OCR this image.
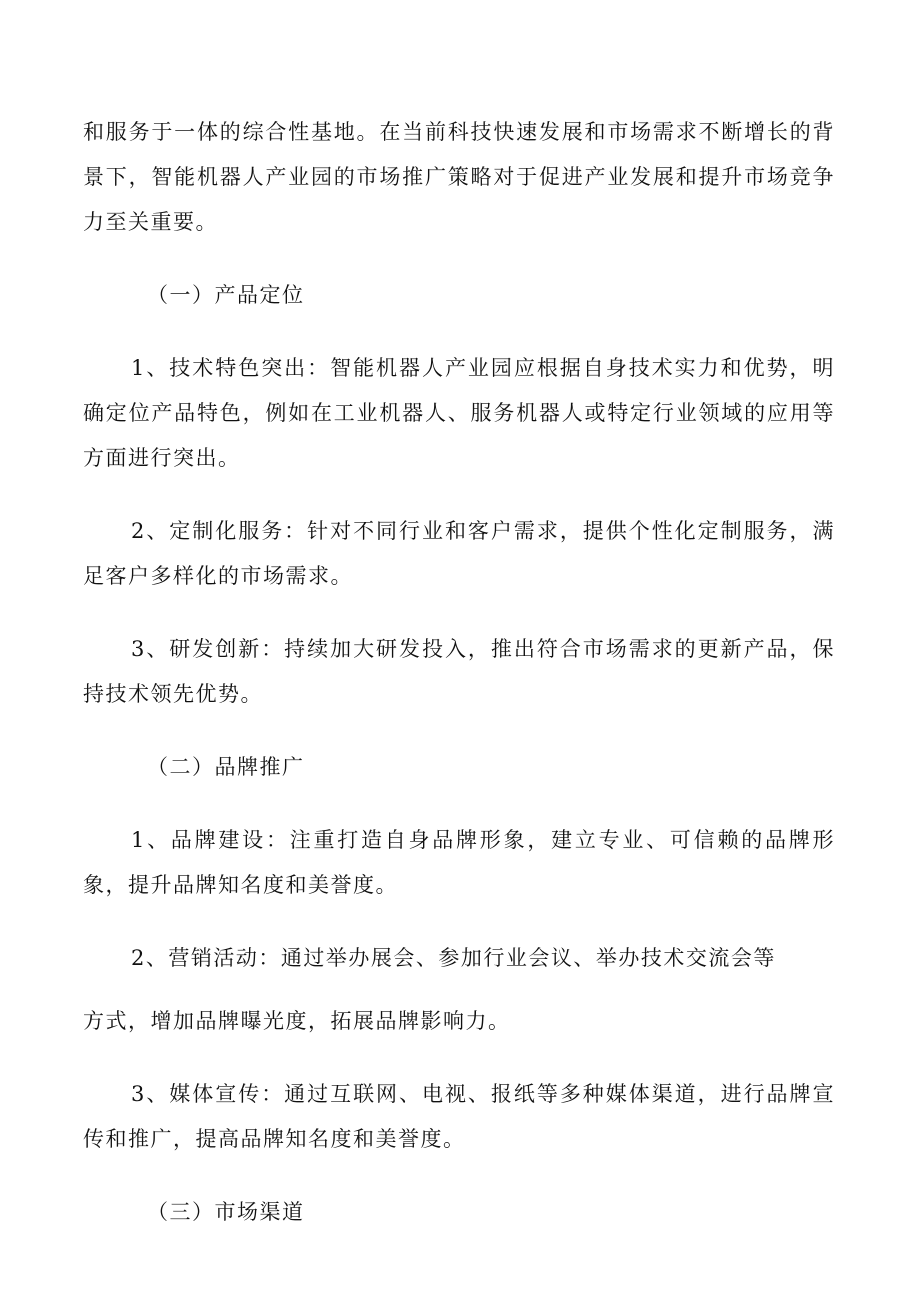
和服务于一体的综合性基地。在当前科技快速发展和市场需求不断增长的背景下，智能机器人产业园的市场推广策略对于促进产业发展和提升市场竞争力至关重要。

（一）产品定位

1、技术特色突出：智能机器人产业园应根据自身技术实力和优势，明确定位产品特色，例如在工业机器人、服务机器人或特定行业领域的应用等方面进行突出。

2、定制化服务：针对不同行业和客户需求，提供个性化定制服务，满足客户多样化的市场需求。

3、研发创新：持续加大研发投入，推出符合市场需求的更新产品，保持技术领先优势。

（二）品牌推广

1、品牌建设：注重打造自身品牌形象，建立专业、可信赖的品牌形象，提升品牌知名度和美誉度。

2、营销活动：通过举办展会、参加行业会议、举办技术交流会等

方式，增加品牌曝光度，拓展品牌影响力。

3、媒体宣传：通过互联网、电视、报纸等多种媒体渠道，进行品牌宣传和推广，提高品牌知名度和美誉度。

（三）市场渠道
